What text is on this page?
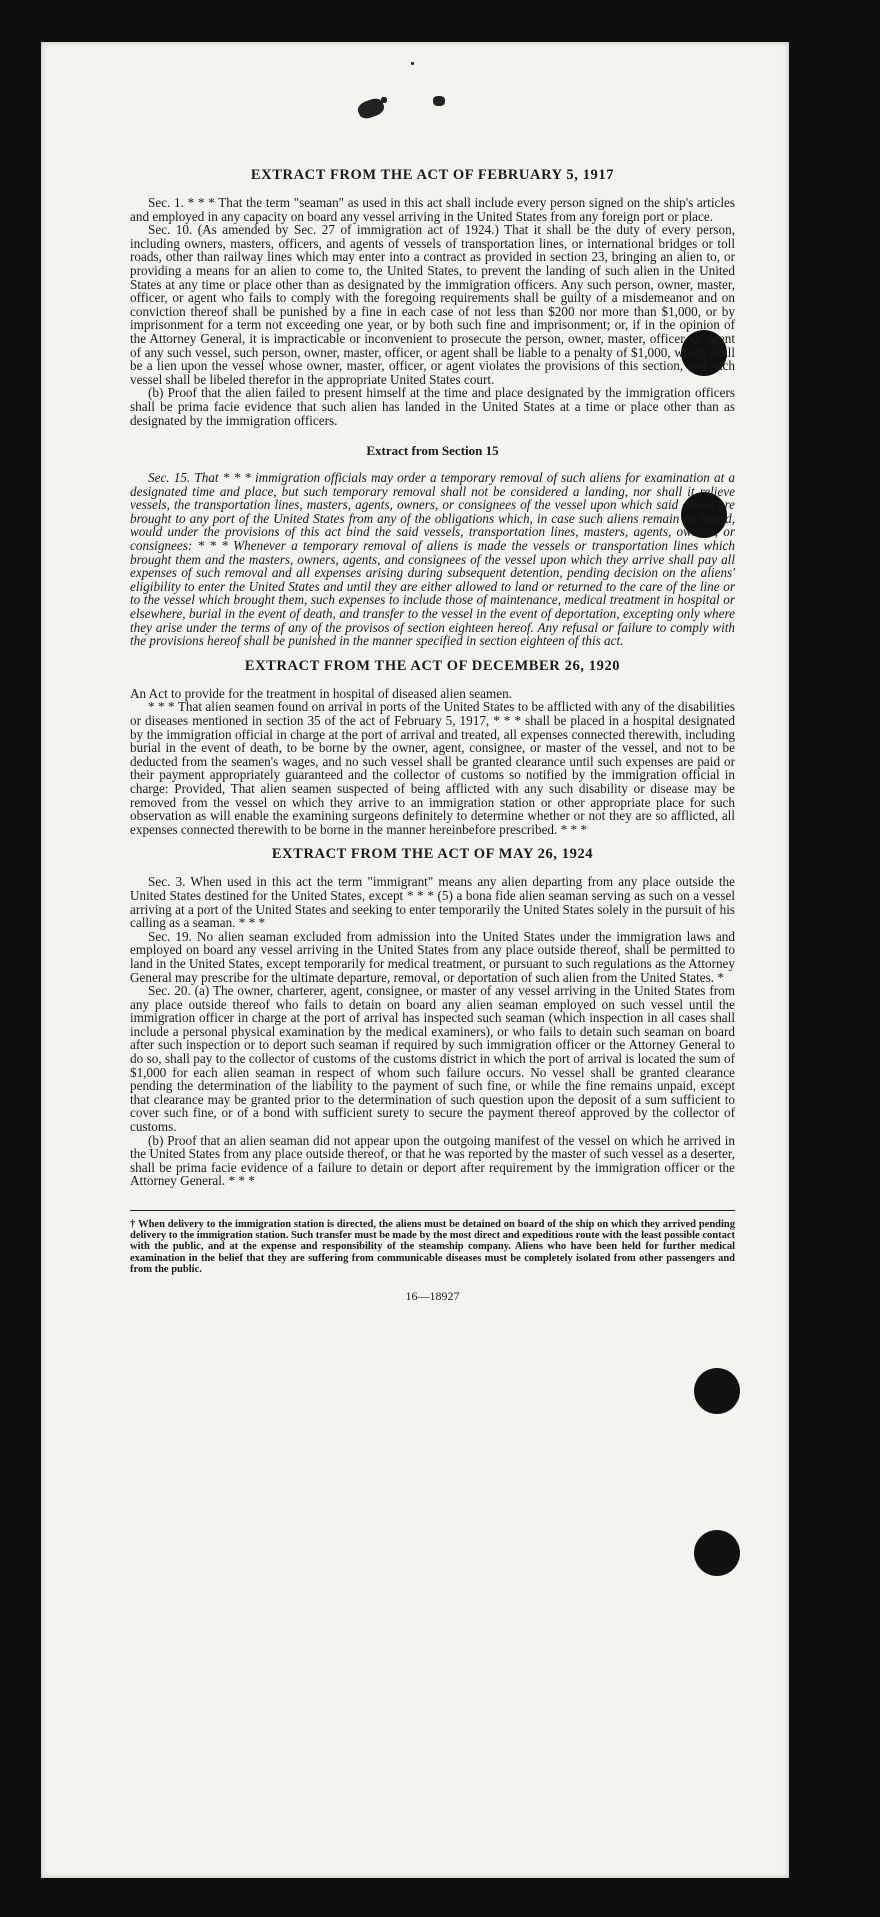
EXTRACT FROM THE ACT OF FEBRUARY 5, 1917

Sec. 1. * * * That the term "seaman" as used in this act shall include every person signed on the ship's articles and employed in any capacity on board any vessel arriving in the United States from any foreign port or place.

Sec. 10. (As amended by Sec. 27 of immigration act of 1924.) That it shall be the duty of every person, including owners, masters, officers, and agents of vessels of transportation lines, or international bridges or toll roads, other than railway lines which may enter into a contract as provided in section 23, bringing an alien to, or providing a means for an alien to come to, the United States, to prevent the landing of such alien in the United States at any time or place other than as designated by the immigration officers. Any such person, owner, master, officer, or agent who fails to comply with the foregoing requirements shall be guilty of a misdemeanor and on conviction thereof shall be punished by a fine in each case of not less than $200 nor more than $1,000, or by imprisonment for a term not exceeding one year, or by both such fine and imprisonment; or, if in the opinion of the Attorney General, it is impracticable or inconvenient to prosecute the person, owner, master, officer, or agent of any such vessel, such person, owner, master, officer, or agent shall be liable to a penalty of $1,000, which shall be a lien upon the vessel whose owner, master, officer, or agent violates the provisions of this section, and such vessel shall be libeled therefor in the appropriate United States court.

(b) Proof that the alien failed to present himself at the time and place designated by the immigration officers shall be prima facie evidence that such alien has landed in the United States at a time or place other than as designated by the immigration officers.

Extract from Section 15

Sec. 15. That * * * immigration officials may order a temporary removal of such aliens for examination at a designated time and place, but such temporary removal shall not be considered a landing, nor shall it relieve vessels, the transportation lines, masters, agents, owners, or consignees of the vessel upon which said aliens are brought to any port of the United States from any of the obligations which, in case such aliens remain on board, would under the provisions of this act bind the said vessels, transportation lines, masters, agents, owners, or consignees: * * * Whenever a temporary removal of aliens is made the vessels or transportation lines which brought them and the masters, owners, agents, and consignees of the vessel upon which they arrive shall pay all expenses of such removal and all expenses arising during subsequent detention, pending decision on the aliens' eligibility to enter the United States and until they are either allowed to land or returned to the care of the line or to the vessel which brought them, such expenses to include those of maintenance, medical treatment in hospital or elsewhere, burial in the event of death, and transfer to the vessel in the event of deportation, excepting only where they arise under the terms of any of the provisos of section eighteen hereof. Any refusal or failure to comply with the provisions hereof shall be punished in the manner specified in section eighteen of this act.

EXTRACT FROM THE ACT OF DECEMBER 26, 1920

An Act to provide for the treatment in hospital of diseased alien seamen.

* * * That alien seamen found on arrival in ports of the United States to be afflicted with any of the disabilities or diseases mentioned in section 35 of the act of February 5, 1917, * * * shall be placed in a hospital designated by the immigration official in charge at the port of arrival and treated, all expenses connected therewith, including burial in the event of death, to be borne by the owner, agent, consignee, or master of the vessel, and not to be deducted from the seamen's wages, and no such vessel shall be granted clearance until such expenses are paid or their payment appropriately guaranteed and the collector of customs so notified by the immigration official in charge: Provided, That alien seamen suspected of being afflicted with any such disability or disease may be removed from the vessel on which they arrive to an immigration station or other appropriate place for such observation as will enable the examining surgeons definitely to determine whether or not they are so afflicted, all expenses connected therewith to be borne in the manner hereinbefore prescribed. * * *

EXTRACT FROM THE ACT OF MAY 26, 1924

Sec. 3. When used in this act the term "immigrant" means any alien departing from any place outside the United States destined for the United States, except * * * (5) a bona fide alien seaman serving as such on a vessel arriving at a port of the United States and seeking to enter temporarily the United States solely in the pursuit of his calling as a seaman. * * *

Sec. 19. No alien seaman excluded from admission into the United States under the immigration laws and employed on board any vessel arriving in the United States from any place outside thereof, shall be permitted to land in the United States, except temporarily for medical treatment, or pursuant to such regulations as the Attorney General may prescribe for the ultimate departure, removal, or deportation of such alien from the United States. *

Sec. 20. (a) The owner, charterer, agent, consignee, or master of any vessel arriving in the United States from any place outside thereof who fails to detain on board any alien seaman employed on such vessel until the immigration officer in charge at the port of arrival has inspected such seaman (which inspection in all cases shall include a personal physical examination by the medical examiners), or who fails to detain such seaman on board after such inspection or to deport such seaman if required by such immigration officer or the Attorney General to do so, shall pay to the collector of customs of the customs district in which the port of arrival is located the sum of $1,000 for each alien seaman in respect of whom such failure occurs. No vessel shall be granted clearance pending the determination of the liability to the payment of such fine, or while the fine remains unpaid, except that clearance may be granted prior to the determination of such question upon the deposit of a sum sufficient to cover such fine, or of a bond with sufficient surety to secure the payment thereof approved by the collector of customs.

(b) Proof that an alien seaman did not appear upon the outgoing manifest of the vessel on which he arrived in the United States from any place outside thereof, or that he was reported by the master of such vessel as a deserter, shall be prima facie evidence of a failure to detain or deport after requirement by the immigration officer or the Attorney General. * * *

† When delivery to the immigration station is directed, the aliens must be detained on board of the ship on which they arrived pending delivery to the immigration station. Such transfer must be made by the most direct and expeditious route with the least possible contact with the public, and at the expense and responsibility of the steamship company. Aliens who have been held for further medical examination in the belief that they are suffering from communicable diseases must be completely isolated from other passengers and from the public.

16—18927
